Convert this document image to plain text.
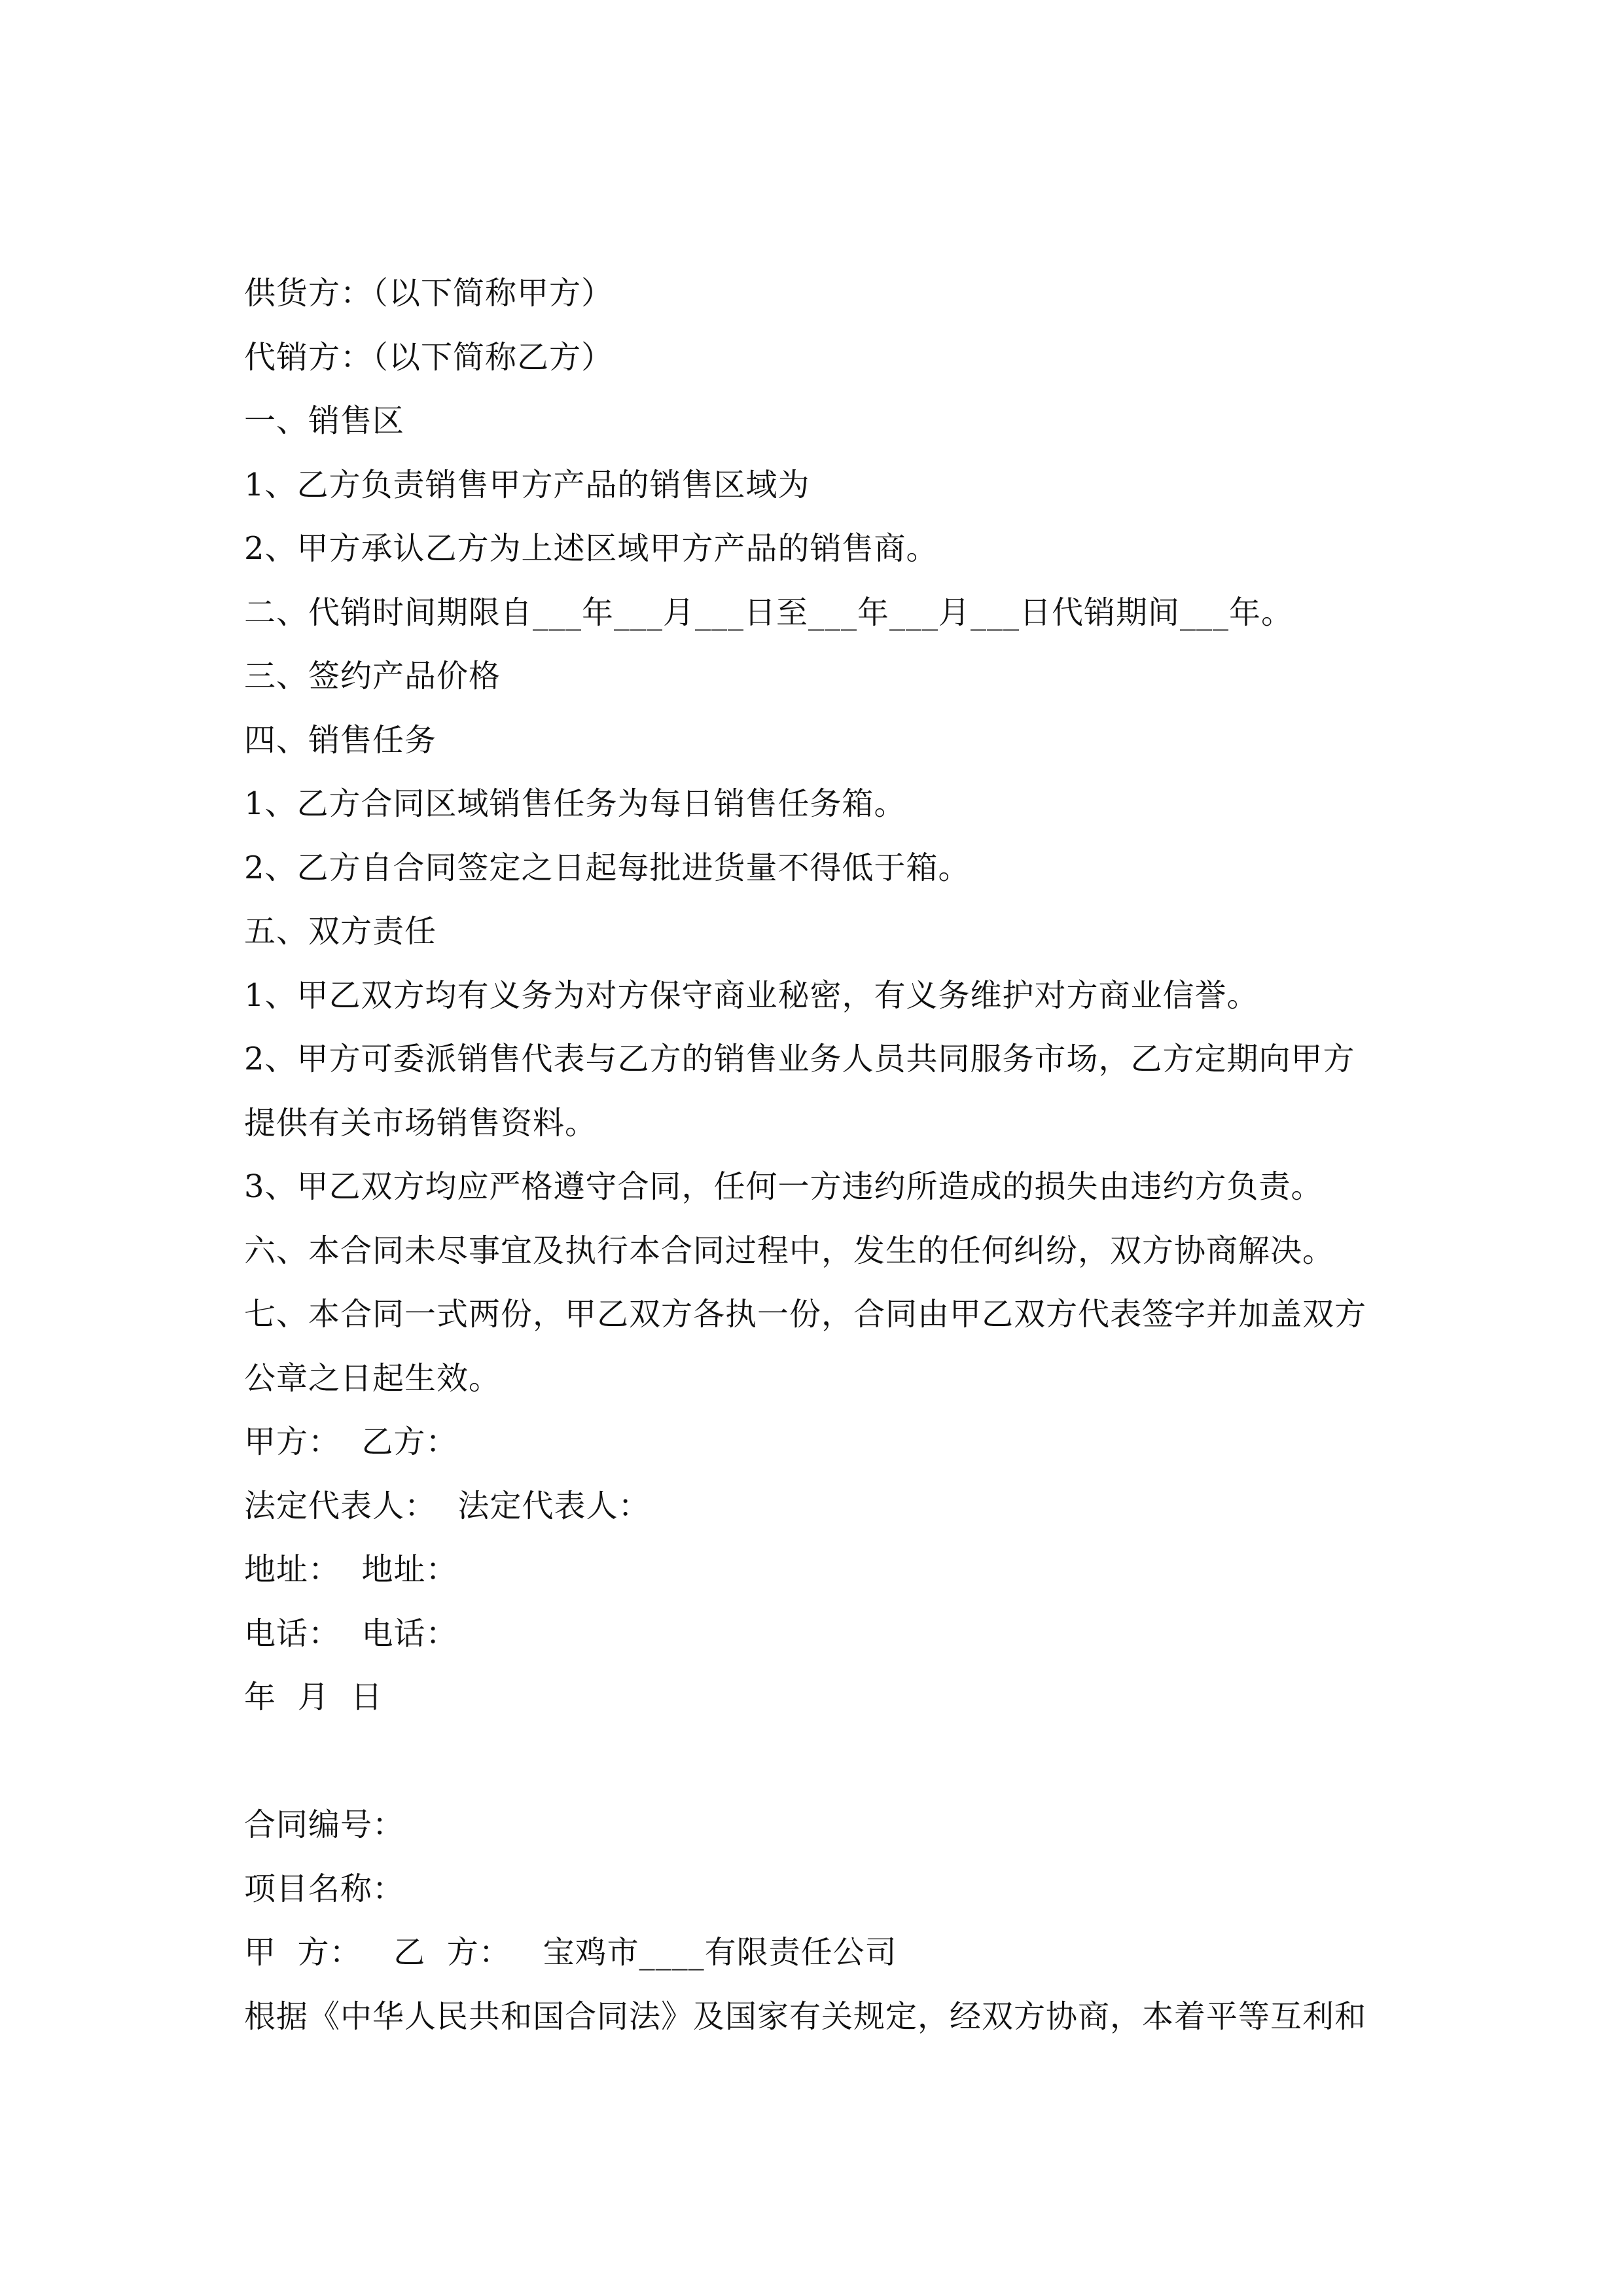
供货方：（以下简称甲方）
代销方：（以下简称乙方）
一、销售区
1、乙方负责销售甲方产品的销售区域为
2、甲方承认乙方为上述区域甲方产品的销售商。
二、代销时间期限自___年___月___日至___年___月___日代销期间___年。
三、签约产品价格
四、销售任务
1、乙方合同区域销售任务为每日销售任务箱。
2、乙方自合同签定之日起每批进货量不得低于箱。
五、双方责任
1、甲乙双方均有义务为对方保守商业秘密，有义务维护对方商业信誉。
2、甲方可委派销售代表与乙方的销售业务人员共同服务市场，乙方定期向甲方
提供有关市场销售资料。
3、甲乙双方均应严格遵守合同，任何一方违约所造成的损失由违约方负责。
六、本合同未尽事宜及执行本合同过程中，发生的任何纠纷，双方协商解决。
七、本合同一式两份，甲乙双方各执一份，合同由甲乙双方代表签字并加盖双方
公章之日起生效。
甲方：  乙方：
法定代表人：  法定代表人：
地址：  地址：
电话：  电话：
年  月  日
合同编号：
项目名称：
甲  方：   乙  方：   宝鸡市____有限责任公司
根据《中华人民共和国合同法》及国家有关规定，经双方协商，本着平等互利和
